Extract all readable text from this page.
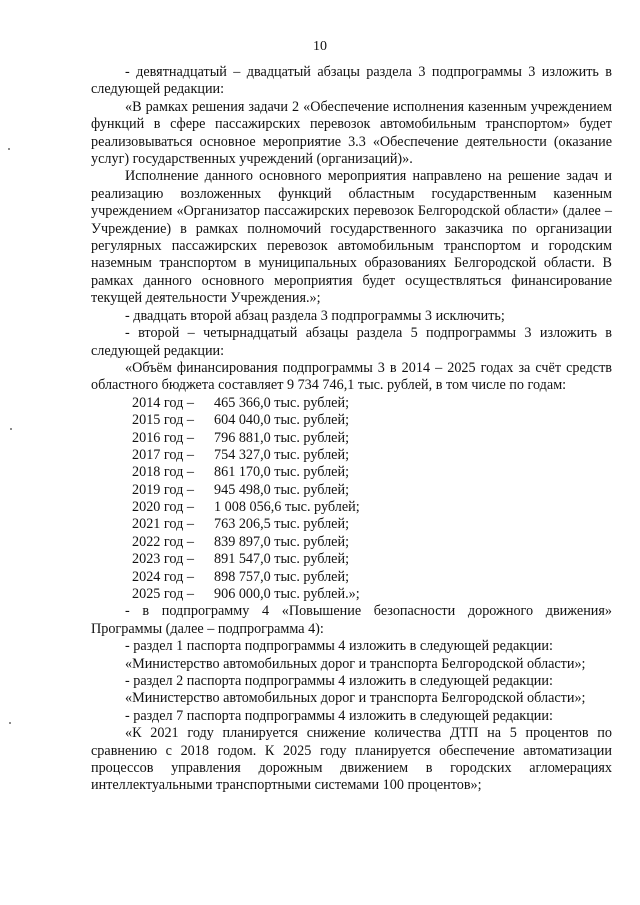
10

- девятнадцатый – двадцатый абзацы раздела 3 подпрограммы 3 изложить в следующей редакции:

«В рамках решения задачи 2 «Обеспечение исполнения казенным учреждением функций в сфере пассажирских перевозок автомобильным транспортом» будет реализовываться основное мероприятие 3.3 «Обеспечение деятельности (оказание услуг) государственных учреждений (организаций)».

Исполнение данного основного мероприятия направлено на решение задач и реализацию возложенных функций областным государственным казенным учреждением «Организатор пассажирских перевозок Белгородской области» (далее – Учреждение) в рамках полномочий государственного заказчика по организации регулярных пассажирских перевозок автомобильным транспортом и городским наземным транспортом в муниципальных образованиях Белгородской области. В рамках данного основного мероприятия будет осуществляться финансирование текущей деятельности Учреждения.»;

- двадцать второй абзац раздела 3 подпрограммы 3 исключить;

- второй – четырнадцатый абзацы раздела 5 подпрограммы 3 изложить в следующей редакции:

«Объём финансирования подпрограммы 3 в 2014 – 2025 годах за счёт средств областного бюджета составляет 9 734 746,1 тыс. рублей, в том числе по годам:

2014 год –	465 366,0 тыс. рублей;
2015 год –	604 040,0 тыс. рублей;
2016 год –	796 881,0 тыс. рублей;
2017 год –	754 327,0 тыс. рублей;
2018 год –	861 170,0 тыс. рублей;
2019 год –	945 498,0 тыс. рублей;
2020 год –	1 008 056,6 тыс. рублей;
2021 год –	763 206,5 тыс. рублей;
2022 год –	839 897,0 тыс. рублей;
2023 год –	891 547,0 тыс. рублей;
2024 год –	898 757,0 тыс. рублей;
2025 год –	906 000,0 тыс. рублей.»;

- в подпрограмму 4 «Повышение безопасности дорожного движения» Программы (далее – подпрограмма 4):

- раздел 1 паспорта подпрограммы 4 изложить в следующей редакции:

«Министерство автомобильных дорог и транспорта Белгородской области»;

- раздел 2 паспорта подпрограммы 4 изложить в следующей редакции:

«Министерство автомобильных дорог и транспорта Белгородской области»;

- раздел 7 паспорта подпрограммы 4 изложить в следующей редакции:

«К 2021 году планируется снижение количества ДТП на 5 процентов по сравнению с 2018 годом. К 2025 году планируется обеспечение автоматизации процессов управления дорожным движением в городских агломерациях интеллектуальными транспортными системами 100 процентов»;
